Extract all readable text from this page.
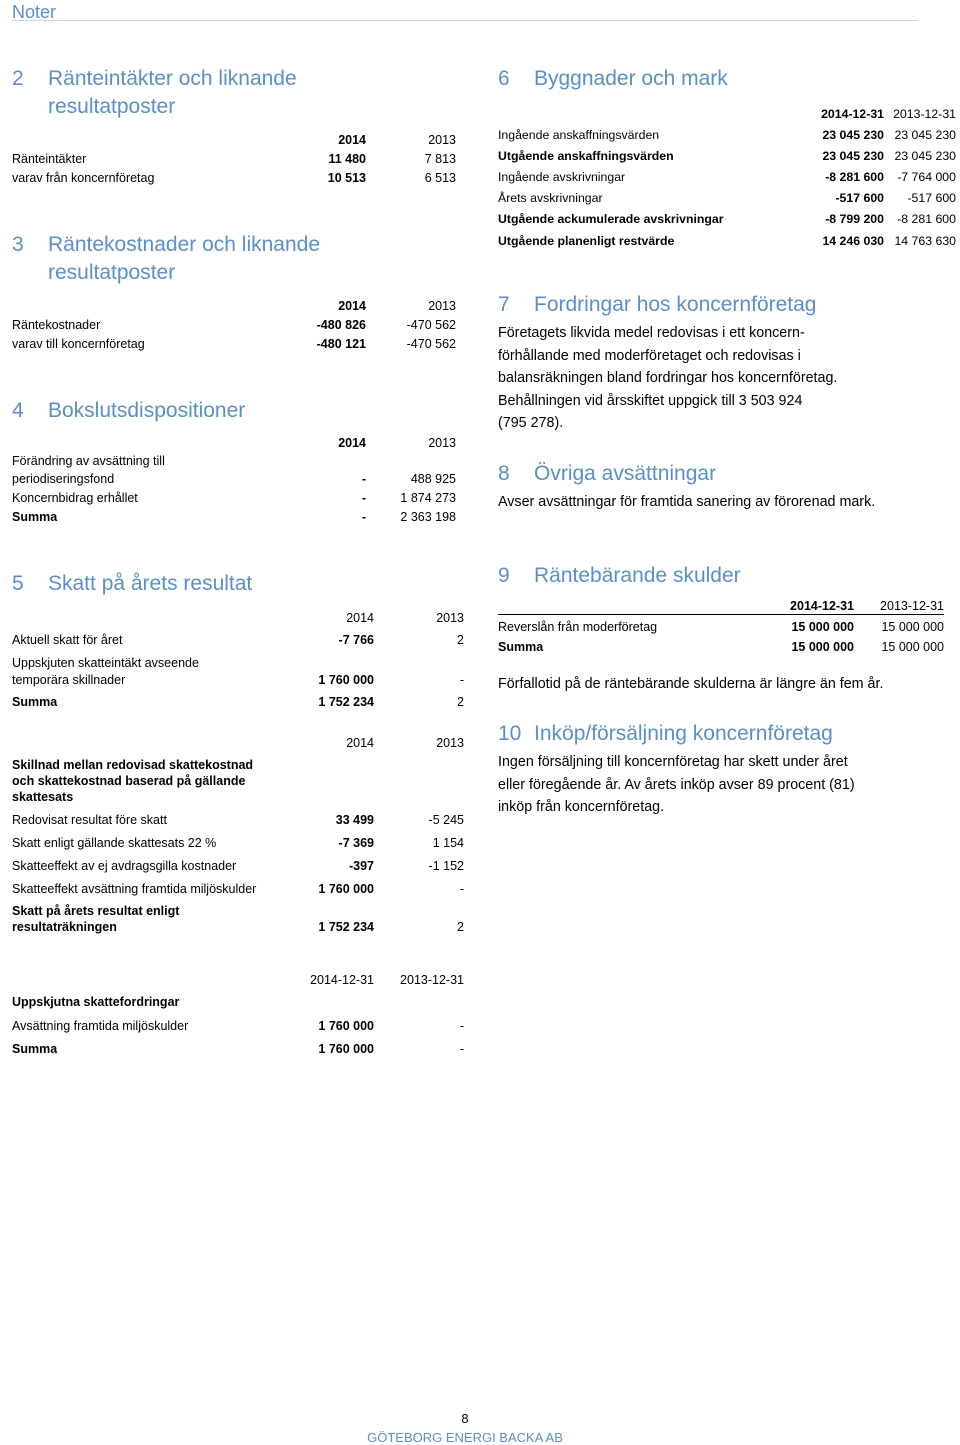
Noter
2 Ränteintäkter och liknande
resultatposter
	2014	2013
Ränteintäkter	11 480	7 813
varav från koncernföretag	10 513	6 513
3 Räntekostnader och liknande
resultatposter
	2014	2013
Räntekostnader	-480 826	-470 562
varav till koncernföretag	-480 121	-470 562
4 Bokslutsdispositioner
	2014	2013
Förändring av avsättning till		
periodiseringsfond	-	488 925
Koncernbidrag erhållet	-	1 874 273
Summa	-	2 363 198
5 Skatt på årets resultat
	2014	2013
Aktuell skatt för året	-7 766	2
Uppskjuten skatteintäkt avseende		
temporära skillnader	1 760 000	-
Summa	1 752 234	2
	2014	2013
Skillnad mellan redovisad skattekostnad		
och skattekostnad baserad på gällande		
skattesats		
Redovisat resultat före skatt	33 499	-5 245
Skatt enligt gällande skattesats 22 %	-7 369	1 154
Skatteeffekt av ej avdragsgilla kostnader	-397	-1 152
Skatteeffekt avsättning framtida miljöskulder	1 760 000	-
Skatt på årets resultat enligt		
resultaträkningen	1 752 234	2
	2014-12-31	2013-12-31
Uppskjutna skattefordringar		
Avsättning framtida miljöskulder	1 760 000	-
Summa	1 760 000	-
6 Byggnader och mark
	2014-12-31	2013-12-31
Ingående anskaffningsvärden	23 045 230	23 045 230
Utgående anskaffningsvärden	23 045 230	23 045 230
Ingående avskrivningar	-8 281 600	-7 764 000
Årets avskrivningar	-517 600	-517 600
Utgående ackumulerade avskrivningar	-8 799 200	-8 281 600
Utgående planenligt restvärde	14 246 030	14 763 630
7 Fordringar hos koncernföretag
Företagets likvida medel redovisas i ett koncern-
förhållande med moderföretaget och redovisas i
balansräkningen bland fordringar hos koncernföretag.
Behållningen vid årsskiftet uppgick till 3 503 924
(795 278).
8 Övriga avsättningar
Avser avsättningar för framtida sanering av förorenad mark.
9 Räntebärande skulder
	2014-12-31	2013-12-31
Reverslån från moderföretag	15 000 000	15 000 000
Summa	15 000 000	15 000 000
Förfallotid på de räntebärande skulderna är längre än fem år.
10 Inköp/försäljning koncernföretag
Ingen försäljning till koncernföretag har skett under året
eller föregående år. Av årets inköp avser 89 procent (81)
inköp från koncernföretag.
8
GÖTEBORG ENERGI BACKA AB
